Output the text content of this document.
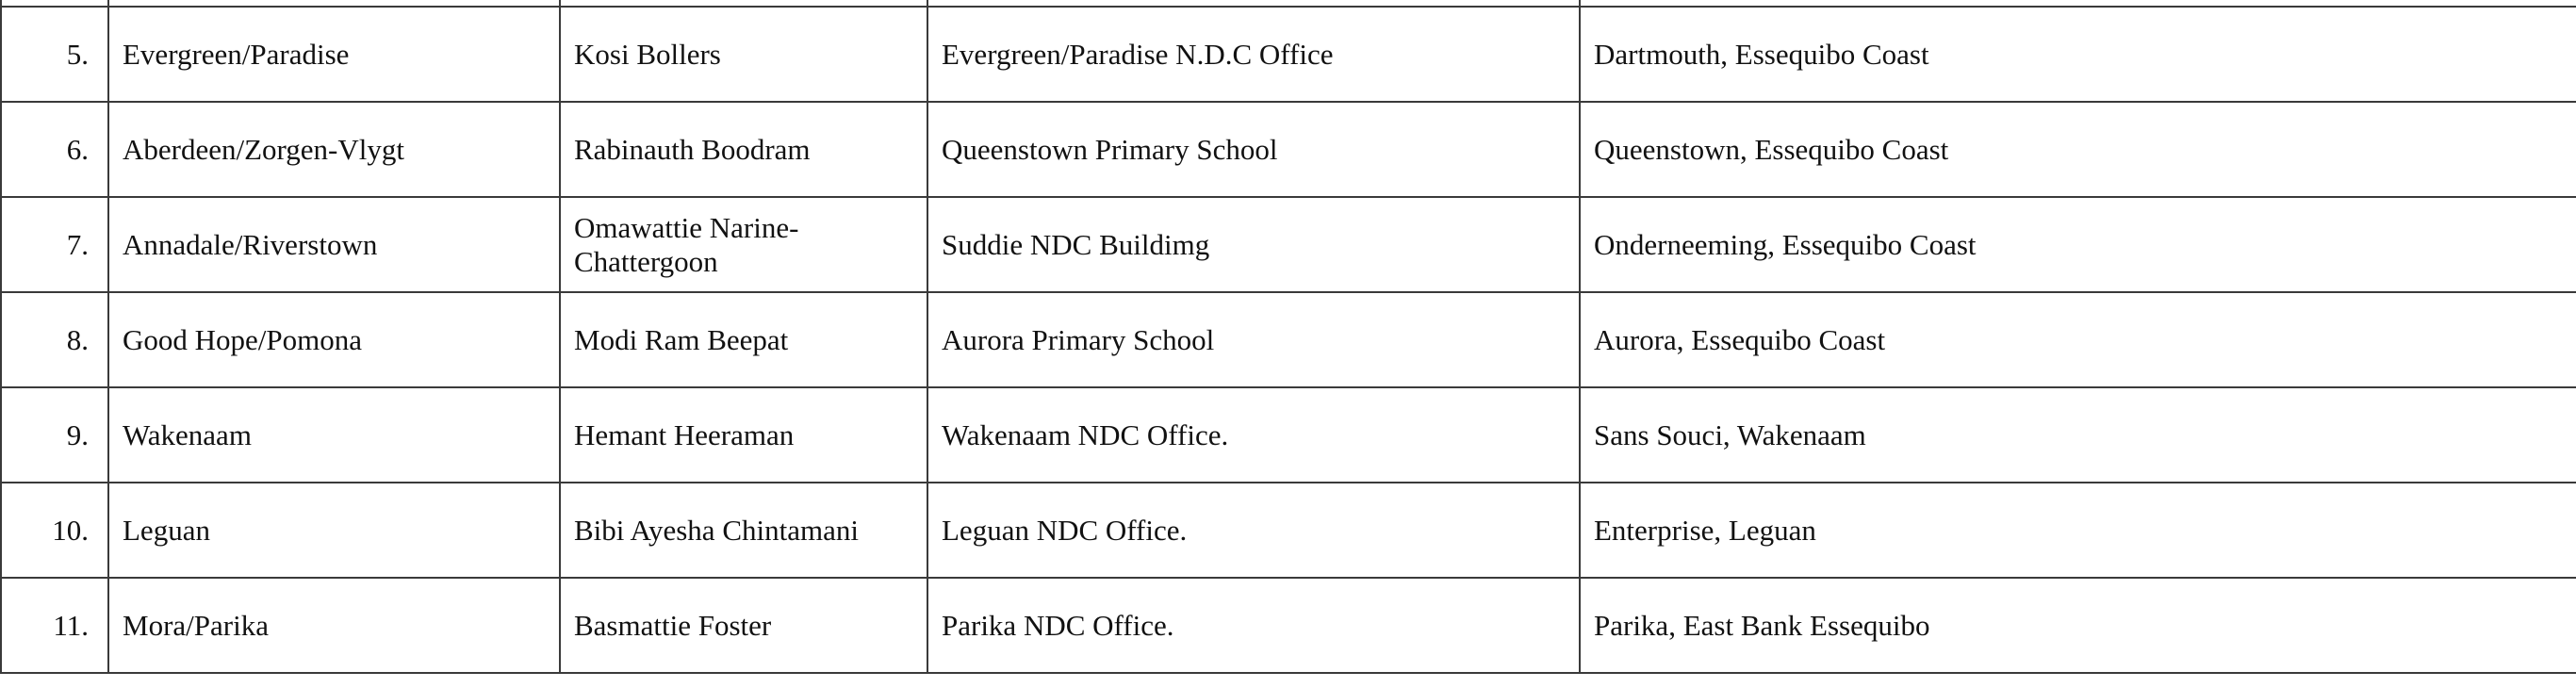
5.	Evergreen/Paradise	Kosi Bollers	Evergreen/Paradise N.D.C Office	Dartmouth, Essequibo Coast
6.	Aberdeen/Zorgen-Vlygt	Rabinauth Boodram	Queenstown Primary School	Queenstown, Essequibo Coast
7.	Annadale/Riverstown	Omawattie Narine-
Chattergoon	Suddie NDC Buildimg	Onderneeming, Essequibo Coast
8.	Good Hope/Pomona	Modi Ram Beepat	Aurora Primary School	Aurora, Essequibo Coast
9.	Wakenaam	Hemant Heeraman	Wakenaam NDC Office.	Sans Souci, Wakenaam
10.	Leguan	Bibi Ayesha Chintamani	Leguan NDC Office.	Enterprise, Leguan
11.	Mora/Parika	Basmattie Foster	Parika NDC Office.	Parika, East Bank Essequibo
